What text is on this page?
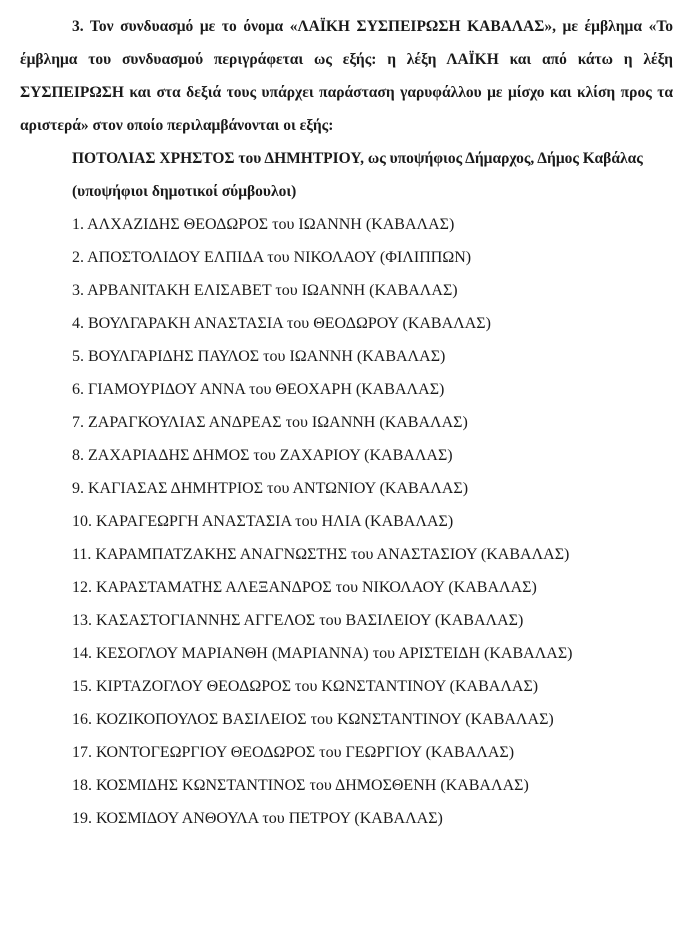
3. Τον συνδυασμό με το όνομα «ΛΑΪΚΗ ΣΥΣΠΕΙΡΩΣΗ ΚΑΒΑΛΑΣ», με έμβλημα «Το έμβλημα του συνδυασμού περιγράφεται ως εξής: η λέξη ΛΑΪΚΗ και από κάτω η λέξη ΣΥΣΠΕΙΡΩΣΗ και στα δεξιά τους υπάρχει παράσταση γαρυφάλλου με μίσχο και κλίση προς τα αριστερά» στον οποίο περιλαμβάνονται οι εξής:

ΠΟΤΟΛΙΑΣ ΧΡΗΣΤΟΣ του ΔΗΜΗΤΡΙΟΥ, ως υποψήφιος Δήμαρχος, Δήμος Καβάλας (υποψήφιοι δημοτικοί σύμβουλοι)

1. ΑΛΧΑΖΙΔΗΣ ΘΕΟΔΩΡΟΣ του ΙΩΑΝΝΗ (ΚΑΒΑΛΑΣ)
2. ΑΠΟΣΤΟΛΙΔΟΥ ΕΛΠΙΔΑ του ΝΙΚΟΛΑΟΥ (ΦΙΛΙΠΠΩΝ)
3. ΑΡΒΑΝΙΤΑΚΗ ΕΛΙΣΑΒΕΤ του ΙΩΑΝΝΗ (ΚΑΒΑΛΑΣ)
4. ΒΟΥΛΓΑΡΑΚΗ ΑΝΑΣΤΑΣΙΑ του ΘΕΟΔΩΡΟΥ (ΚΑΒΑΛΑΣ)
5. ΒΟΥΛΓΑΡΙΔΗΣ ΠΑΥΛΟΣ του ΙΩΑΝΝΗ (ΚΑΒΑΛΑΣ)
6. ΓΙΑΜΟΥΡΙΔΟΥ ΑΝΝΑ του ΘΕΟΧΑΡΗ (ΚΑΒΑΛΑΣ)
7. ΖΑΡΑΓΚΟΥΛΙΑΣ ΑΝΔΡΕΑΣ του ΙΩΑΝΝΗ (ΚΑΒΑΛΑΣ)
8. ΖΑΧΑΡΙΑΔΗΣ ΔΗΜΟΣ του ΖΑΧΑΡΙΟΥ (ΚΑΒΑΛΑΣ)
9. ΚΑΓΙΑΣΑΣ ΔΗΜΗΤΡΙΟΣ του ΑΝΤΩΝΙΟΥ (ΚΑΒΑΛΑΣ)
10. ΚΑΡΑΓΕΩΡΓΗ ΑΝΑΣΤΑΣΙΑ του ΗΛΙΑ (ΚΑΒΑΛΑΣ)
11. ΚΑΡΑΜΠΑΤΖΑΚΗΣ ΑΝΑΓΝΩΣΤΗΣ του ΑΝΑΣΤΑΣΙΟΥ (ΚΑΒΑΛΑΣ)
12. ΚΑΡΑΣΤΑΜΑΤΗΣ ΑΛΕΞΑΝΔΡΟΣ του ΝΙΚΟΛΑΟΥ (ΚΑΒΑΛΑΣ)
13. ΚΑΣΑΣΤΟΓΙΑΝΝΗΣ ΑΓΓΕΛΟΣ του ΒΑΣΙΛΕΙΟΥ (ΚΑΒΑΛΑΣ)
14. ΚΕΣΟΓΛΟΥ ΜΑΡΙΑΝΘΗ (ΜΑΡΙΑΝΝΑ) του ΑΡΙΣΤΕΙΔΗ (ΚΑΒΑΛΑΣ)
15. ΚΙΡΤΑΖΟΓΛΟΥ ΘΕΟΔΩΡΟΣ του ΚΩΝΣΤΑΝΤΙΝΟΥ (ΚΑΒΑΛΑΣ)
16. ΚΟΖΙΚΟΠΟΥΛΟΣ ΒΑΣΙΛΕΙΟΣ του ΚΩΝΣΤΑΝΤΙΝΟΥ (ΚΑΒΑΛΑΣ)
17. ΚΟΝΤΟΓΕΩΡΓΙΟΥ ΘΕΟΔΩΡΟΣ του ΓΕΩΡΓΙΟΥ (ΚΑΒΑΛΑΣ)
18. ΚΟΣΜΙΔΗΣ ΚΩΝΣΤΑΝΤΙΝΟΣ του ΔΗΜΟΣΘΕΝΗ (ΚΑΒΑΛΑΣ)
19. ΚΟΣΜΙΔΟΥ ΑΝΘΟΥΛΑ του ΠΕΤΡΟΥ (ΚΑΒΑΛΑΣ)
